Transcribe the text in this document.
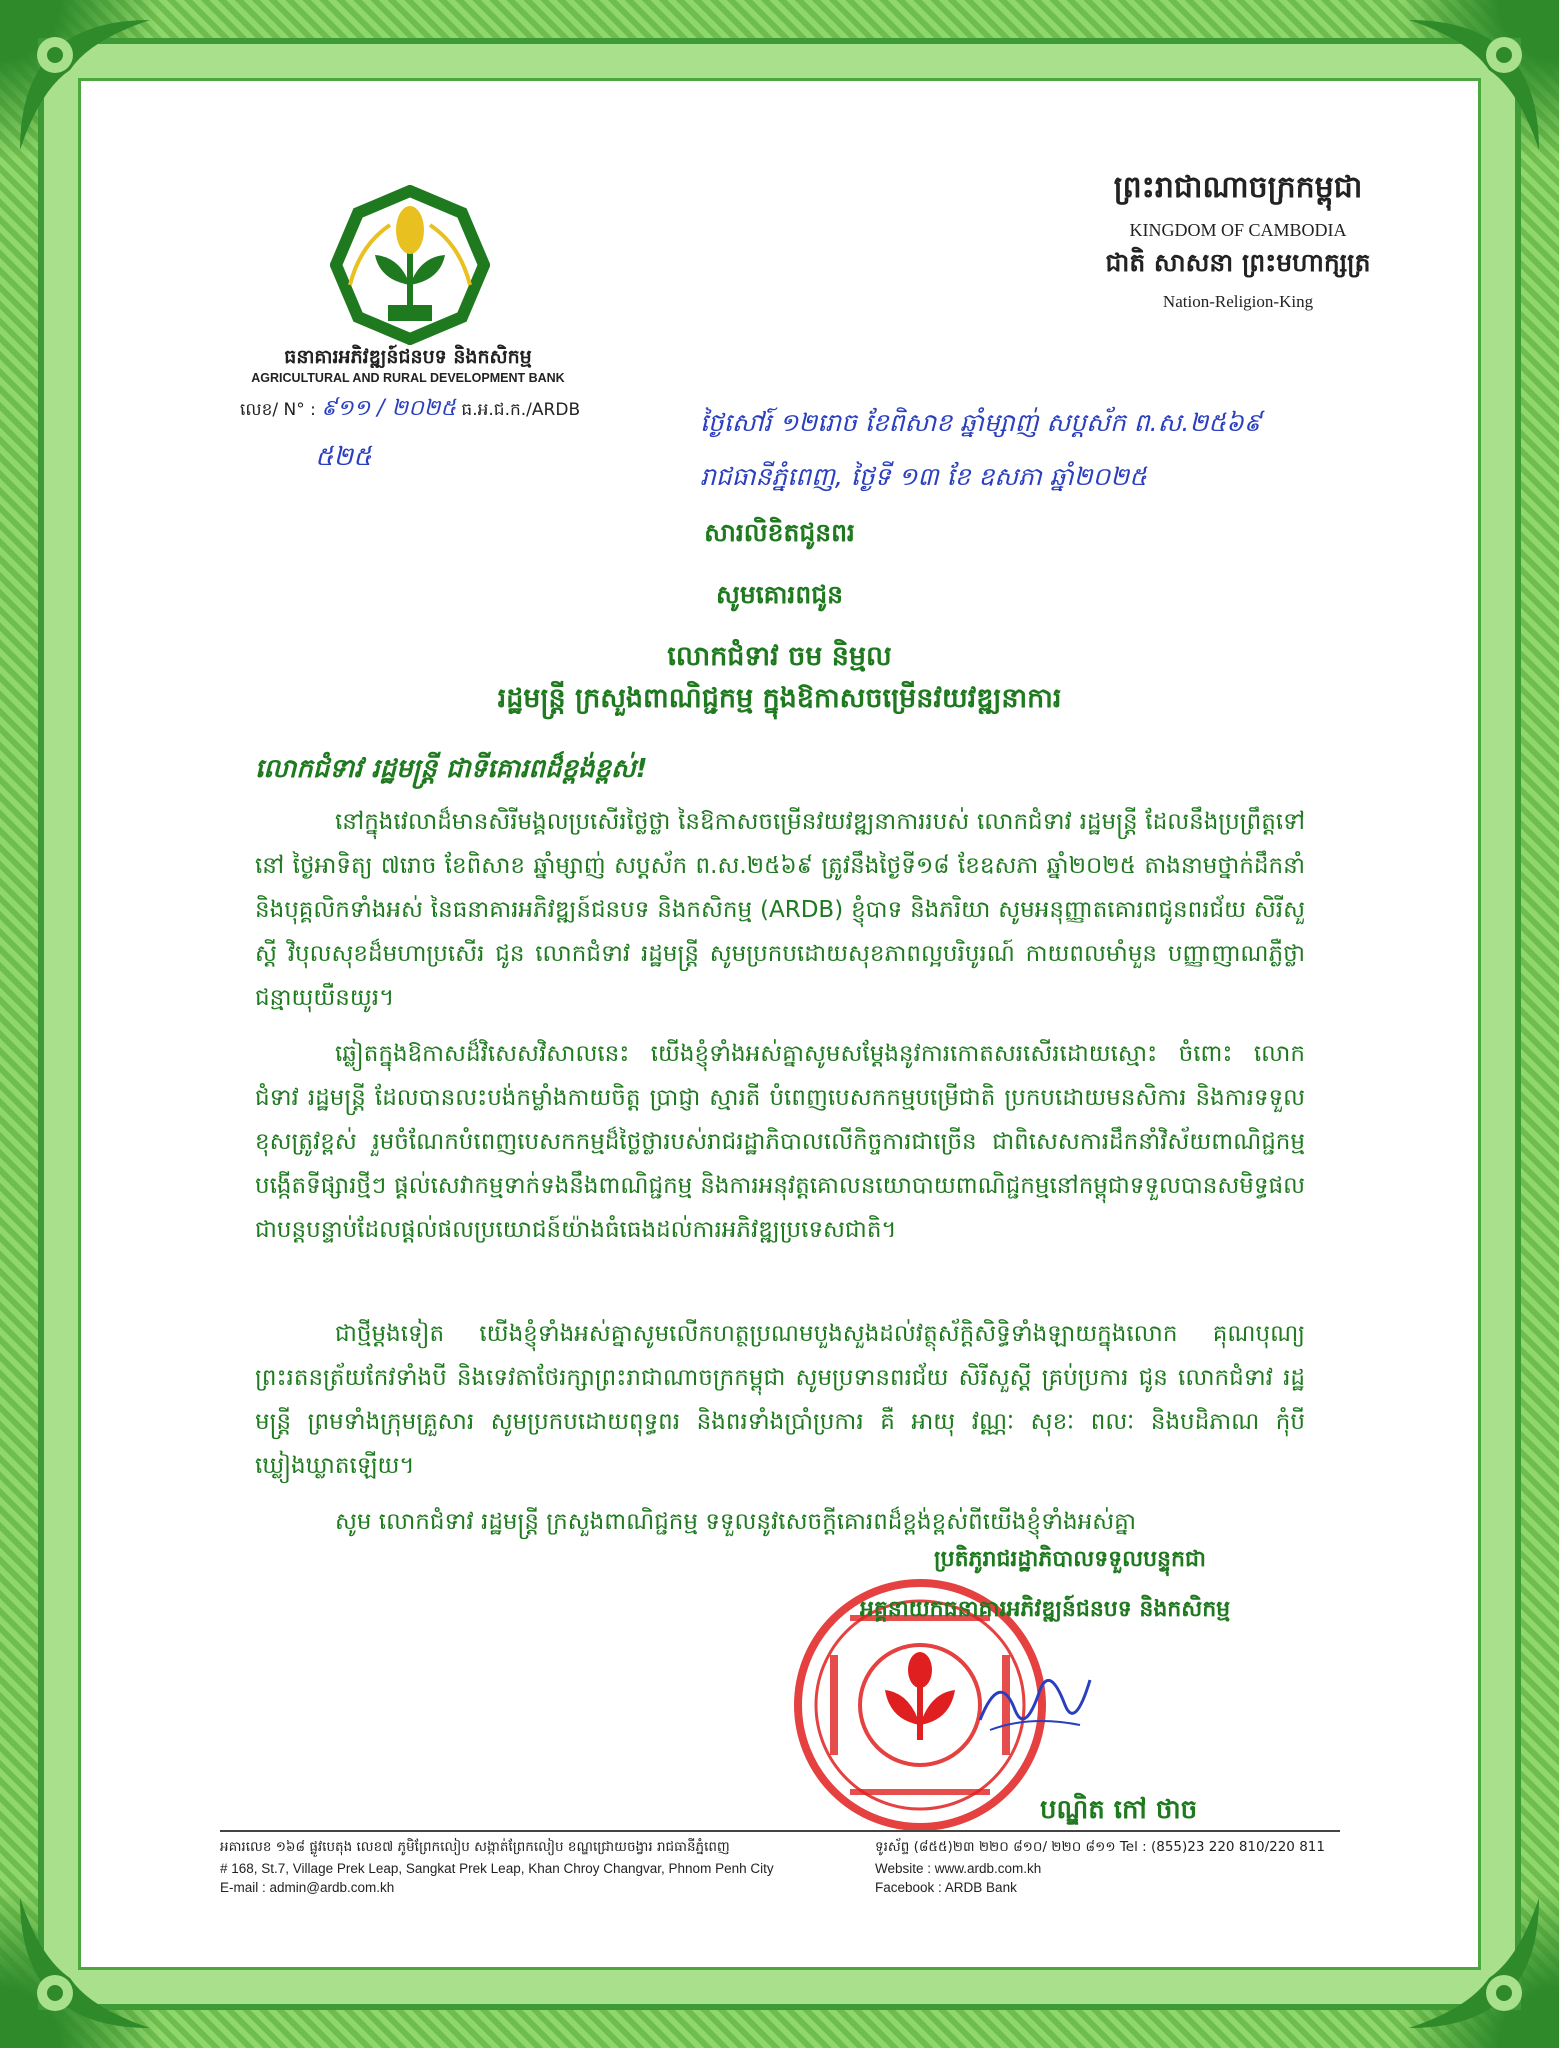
ព្រះរាជាណាចក្រកម្ពុជា
KINGDOM OF CAMBODIA
ជាតិ សាសនា ព្រះមហាក្សត្រ
Nation-Religion-King
ធនាគារអភិវឌ្ឍន៍ជនបទ និងកសិកម្ម
AGRICULTURAL AND RURAL DEVELOPMENT BANK
លេខ/ N° : ៩១១ / ២០២៥ ធ.អ.ជ.ក./ARDB
៥២៥
ថ្ងៃសៅរ៍ ១២រោច ខែពិសាខ ឆ្នាំម្សាញ់ សប្តស័ក ព.ស.២៥៦៩
រាជធានីភ្នំពេញ, ថ្ងៃទី ១៣ ខែ ឧសភា ឆ្នាំ២០២៥
សារលិខិតជូនពរ
សូមគោរពជូន
លោកជំទាវ ចម និម្មល
រដ្ឋមន្ត្រី ក្រសួងពាណិជ្ជកម្ម ក្នុងឱកាសចម្រើនវយវឌ្ឍនាការ
លោកជំទាវ រដ្ឋមន្ត្រី ជាទីគោរពដ៏ខ្ពង់ខ្ពស់!
នៅក្នុងវេលាដ៏មានសិរីមង្គលប្រសើរថ្លៃថ្លា នៃឱកាសចម្រើនវយវឌ្ឍនាការរបស់ លោកជំទាវ រដ្ឋមន្ត្រី ដែលនឹងប្រព្រឹត្តទៅនៅ ថ្ងៃអាទិត្យ ៧រោច ខែពិសាខ ឆ្នាំម្សាញ់ សប្តស័ក ព.ស.២៥៦៩ ត្រូវនឹងថ្ងៃទី១៨ ខែឧសភា ឆ្នាំ២០២៥ តាងនាមថ្នាក់ដឹកនាំ និងបុគ្គលិកទាំងអស់ នៃធនាគារអភិវឌ្ឍន៍ជនបទ និងកសិកម្ម (ARDB) ខ្ញុំបាទ និងភរិយា សូមអនុញ្ញាតគោរពជូនពរជ័យ សិរីសួស្តី វិបុលសុខដ៏មហាប្រសើរ ជូន លោកជំទាវ រដ្ឋមន្ត្រី សូមប្រកបដោយសុខភាពល្អបរិបូរណ៍ កាយពលមាំមួន បញ្ញាញាណភ្លឺថ្លា ជន្មាយុយឺនយូរ។
ឆ្លៀតក្នុងឱកាសដ៏វិសេសវិសាលនេះ យើងខ្ញុំទាំងអស់គ្នាសូមសម្តែងនូវការកោតសរសើរដោយស្មោះ ចំពោះ លោកជំទាវ រដ្ឋមន្ត្រី ដែលបានលះបង់កម្លាំងកាយចិត្ត ប្រាជ្ញា ស្មារតី បំពេញបេសកកម្មបម្រើជាតិ ប្រកបដោយមនសិការ និងការទទួលខុសត្រូវខ្ពស់ រួមចំណែកបំពេញបេសកកម្មដ៏ថ្លៃថ្លារបស់រាជរដ្ឋាភិបាលលើកិច្ចការជាច្រើន ជាពិសេសការដឹកនាំវិស័យពាណិជ្ជកម្ម បង្កើតទីផ្សារថ្មីៗ ផ្តល់សេវាកម្មទាក់ទងនឹងពាណិជ្ជកម្ម និងការអនុវត្តគោលនយោបាយពាណិជ្ជកម្មនៅកម្ពុជាទទួលបានសមិទ្ធផលជាបន្តបន្ទាប់ដែលផ្តល់ផលប្រយោជន៍យ៉ាងធំធេងដល់ការអភិវឌ្ឍប្រទេសជាតិ។
ជាថ្មីម្តងទៀត យើងខ្ញុំទាំងអស់គ្នាសូមលើកហត្ថប្រណមបួងសួងដល់វត្ថុស័ក្តិសិទ្ធិទាំងឡាយក្នុងលោក គុណបុណ្យព្រះរតនត្រ័យកែវទាំងបី និងទេវតាថែរក្សាព្រះរាជាណាចក្រកម្ពុជា សូមប្រទានពរជ័យ សិរីសួស្តី គ្រប់ប្រការ ជូន លោកជំទាវ រដ្ឋមន្ត្រី ព្រមទាំងក្រុមគ្រួសារ សូមប្រកបដោយពុទ្ធពរ និងពរទាំងប្រាំប្រការ គឺ អាយុ វណ្ណៈ សុខៈ ពលៈ និងបដិភាណ កុំបីឃ្លៀងឃ្លាតឡើយ។
សូម លោកជំទាវ រដ្ឋមន្ត្រី ក្រសួងពាណិជ្ជកម្ម ទទួលនូវសេចក្តីគោរពដ៏ខ្ពង់ខ្ពស់ពីយើងខ្ញុំទាំងអស់គ្នា
ប្រតិភូរាជរដ្ឋាភិបាលទទួលបន្ទុកជា
អគ្គនាយកធនាគារអភិវឌ្ឍន៍ជនបទ និងកសិកម្ម
បណ្ឌិត កៅ ថាច
អគារលេខ ១៦៨ ផ្លូវបេតុង លេខ៧ ភូមិព្រែកលៀប សង្កាត់ព្រែកលៀប ខណ្ឌជ្រោយចង្វារ រាជធានីភ្នំពេញ
# 168, St.7, Village Prek Leap, Sangkat Prek Leap, Khan Chroy Changvar, Phnom Penh City
E-mail : admin@ardb.com.kh
ទូរស័ព្ទ (៨៥៥)២៣ ២២០ ៨១០/ ២២០ ៨១១ Tel : (855)23 220 810/220 811
Website : www.ardb.com.kh
Facebook : ARDB Bank
